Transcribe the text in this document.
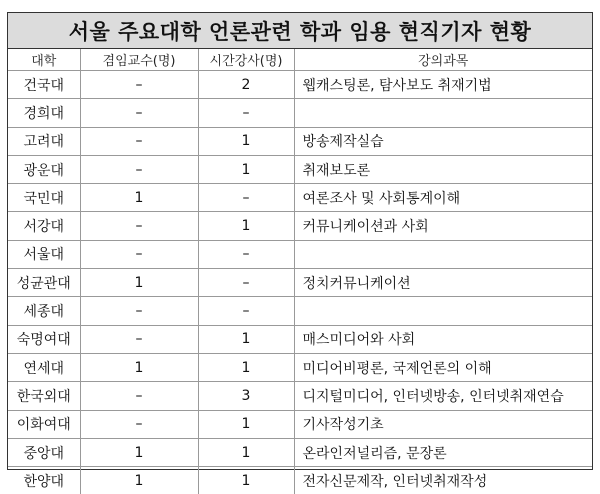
서울 주요대학 언론관련 학과 임용 현직기자 현황
대학	겸임교수(명)	시간강사(명)	강의과목
건국대	–	2	웹캐스팅론, 탐사보도 취재기법
경희대	–	–	
고려대	–	1	방송제작실습
광운대	–	1	취재보도론
국민대	1	–	여론조사 및 사회통계이해
서강대	–	1	커뮤니케이션과 사회
서울대	–	–	
성균관대	1	–	정치커뮤니케이션
세종대	–	–	
숙명여대	–	1	매스미디어와 사회
연세대	1	1	미디어비평론, 국제언론의 이해
한국외대	–	3	디지털미디어, 인터넷방송, 인터넷취재연습
이화여대	–	1	기사작성기초
중앙대	1	1	온라인저널리즘, 문장론
한양대	1	1	전자신문제작, 인터넷취재작성
